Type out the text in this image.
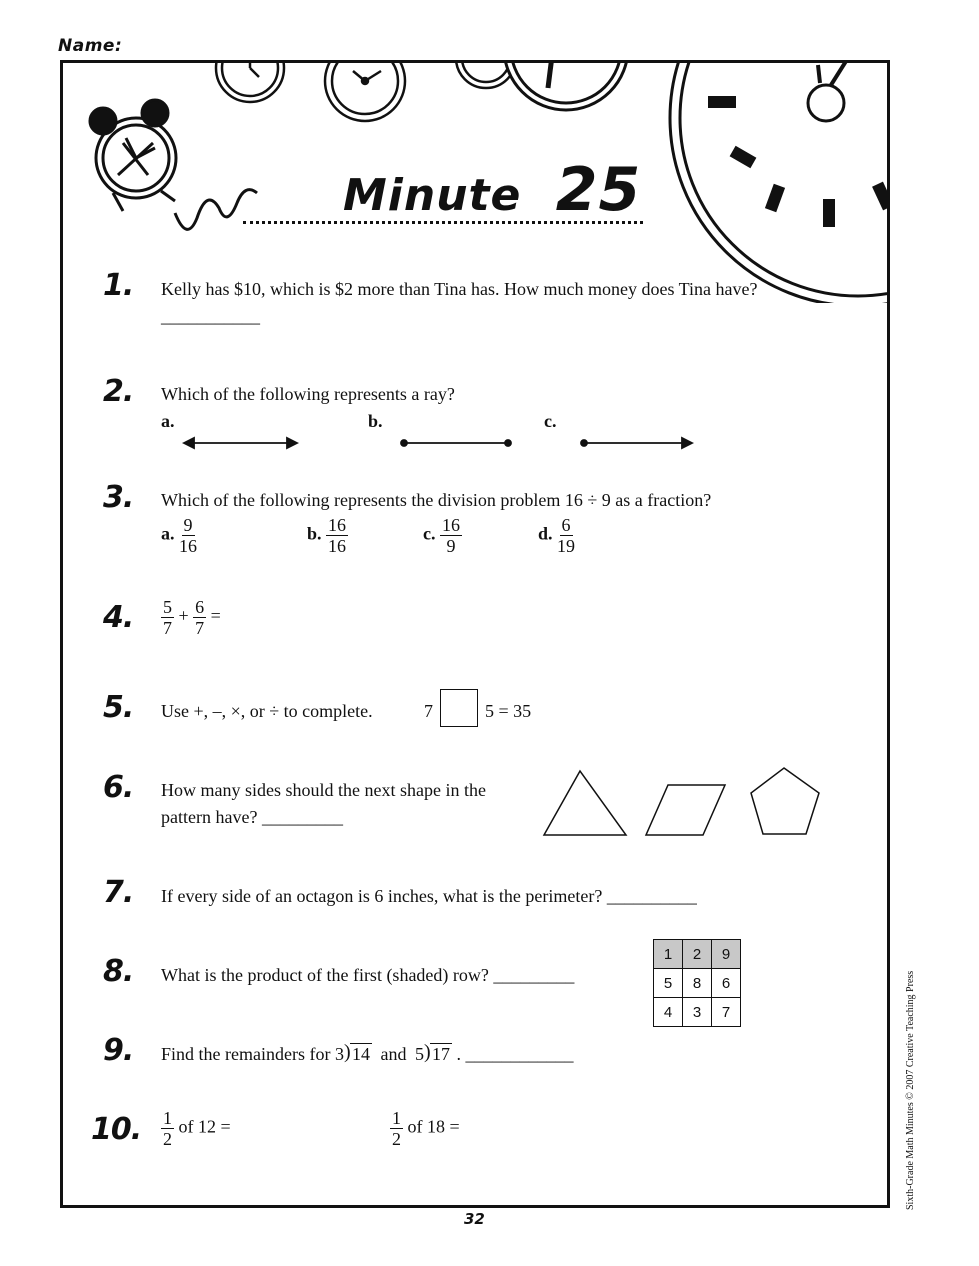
Name:
Minute 25
1. Kelly has $10, which is $2 more than Tina has. How much money does Tina have?
___________
2. Which of the following represents a ray?
a.	b.	c.
3. Which of the following represents the division problem 16 ÷ 9 as a fraction?
a. $\frac{9}{16}$	b. $\frac{16}{16}$	c. $\frac{16}{9}$	d. $\frac{6}{19}$
4. $\frac{5}{7} + \frac{6}{7}$ =
5. Use +, –, ×, or ÷ to complete.	7	5 = 35
6. How many sides should the next shape in the
pattern have? _________
7. If every side of an octagon is 6 inches, what is the perimeter? __________
8. What is the product of the first (shaded) row? _________
1	2	9
5	8	6
4	3	7
9. Find the remainders for 3 ) 14 and 5 ) 17 . ____________
10. $\frac{1}{2}$ of 12 =	$\frac{1}{2}$ of 18 =
32
Sixth-Grade Math Minutes © 2007 Creative Teaching Press
